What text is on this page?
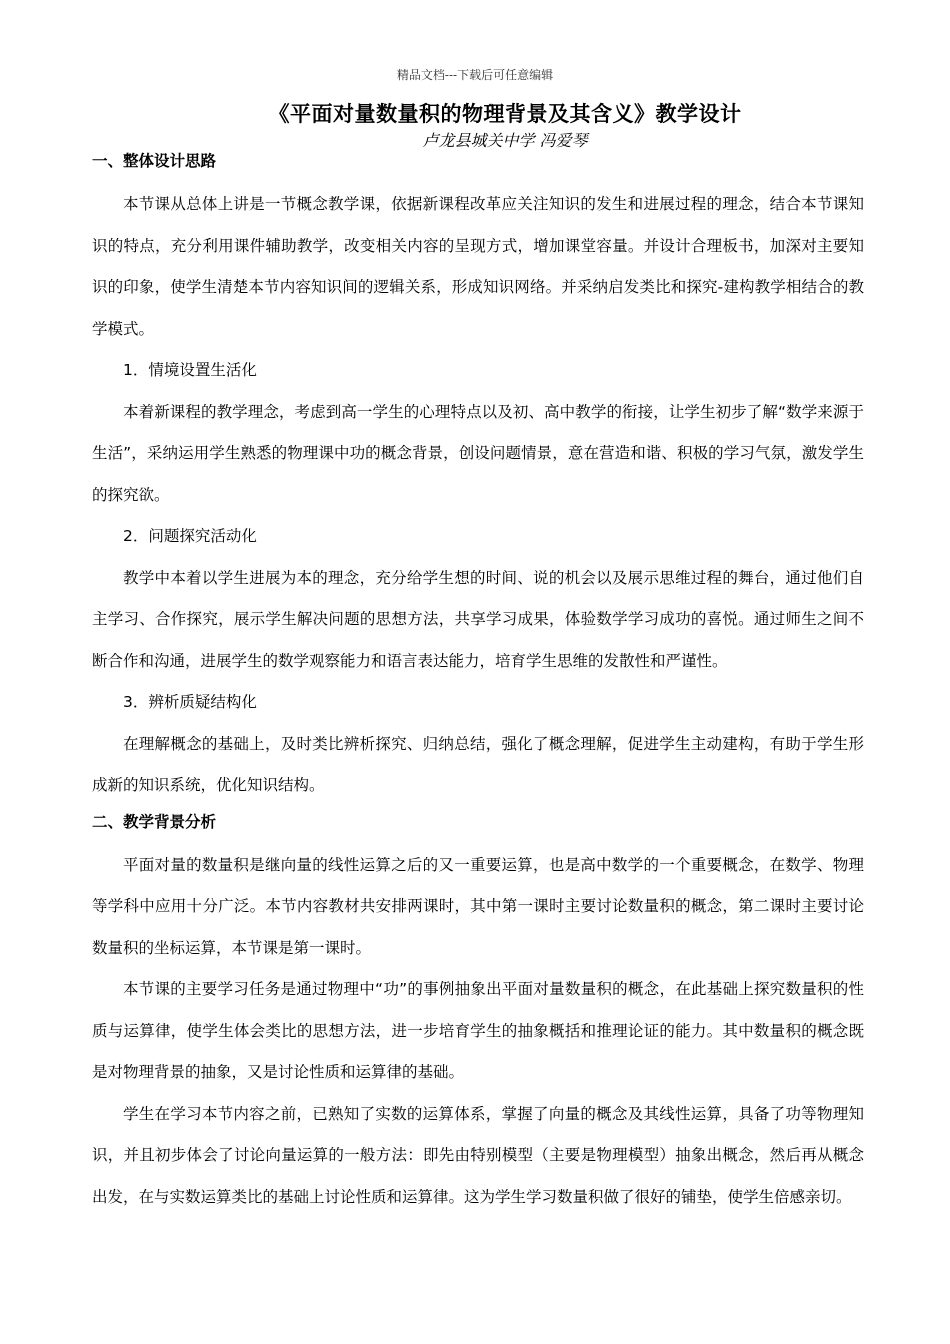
精品文档---下载后可任意编辑
《平面对量数量积的物理背景及其含义》教学设计
卢龙县城关中学 冯爱琴
一、整体设计思路

本节课从总体上讲是一节概念教学课，依据新课程改革应关注知识的发生和进展过程的理念，结合本节课知识的特点，充分利用课件辅助教学，改变相关内容的呈现方式，增加课堂容量。并设计合理板书，加深对主要知识的印象，使学生清楚本节内容知识间的逻辑关系，形成知识网络。并采纳启发类比和探究-建构教学相结合的教学模式。

1．情境设置生活化

本着新课程的教学理念，考虑到高一学生的心理特点以及初、高中教学的衔接，让学生初步了解“数学来源于生活”，采纳运用学生熟悉的物理课中功的概念背景，创设问题情景，意在营造和谐、积极的学习气氛，激发学生的探究欲。

2．问题探究活动化

教学中本着以学生进展为本的理念，充分给学生想的时间、说的机会以及展示思维过程的舞台，通过他们自主学习、合作探究，展示学生解决问题的思想方法，共享学习成果，体验数学学习成功的喜悦。通过师生之间不断合作和沟通，进展学生的数学观察能力和语言表达能力，培育学生思维的发散性和严谨性。

3．辨析质疑结构化

在理解概念的基础上，及时类比辨析探究、归纳总结，强化了概念理解，促进学生主动建构，有助于学生形成新的知识系统，优化知识结构。

二、教学背景分析

平面对量的数量积是继向量的线性运算之后的又一重要运算，也是高中数学的一个重要概念，在数学、物理等学科中应用十分广泛。本节内容教材共安排两课时，其中第一课时主要讨论数量积的概念，第二课时主要讨论数量积的坐标运算，本节课是第一课时。

本节课的主要学习任务是通过物理中“功”的事例抽象出平面对量数量积的概念，在此基础上探究数量积的性质与运算律，使学生体会类比的思想方法，进一步培育学生的抽象概括和推理论证的能力。其中数量积的概念既是对物理背景的抽象，又是讨论性质和运算律的基础。

学生在学习本节内容之前，已熟知了实数的运算体系，掌握了向量的概念及其线性运算，具备了功等物理知识，并且初步体会了讨论向量运算的一般方法：即先由特别模型（主要是物理模型）抽象出概念，然后再从概念出发，在与实数运算类比的基础上讨论性质和运算律。这为学生学习数量积做了很好的铺垫，使学生倍感亲切。
